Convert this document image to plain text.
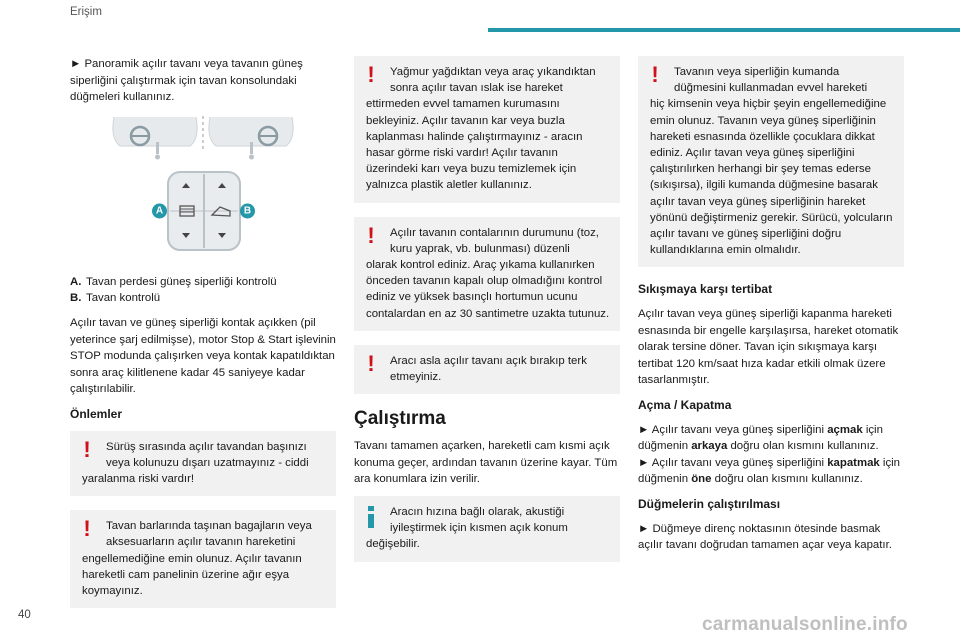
Erişim

► Panoramik açılır tavanı veya tavanın güneş siperliğini çalıştırmak için tavan konsolundaki düğmeleri kullanınız.

A	B

A. Tavan perdesi güneş siperliği kontrolü

B. Tavan kontrolü

Açılır tavan ve güneş siperliği kontak açıkken (pil yeterince şarj edilmişse), motor Stop & Start işlevinin STOP modunda çalışırken veya kontak kapatıldıktan sonra araç kilitlenene kadar 45 saniyeye kadar çalıştırılabilir.

Önlemler
!	Sürüş sırasında açılır tavandan başınızı veya kolunuzu dışarı uzatmayınız - ciddi
yaralanma riski vardır!
!	Tavan barlarında taşınan bagajların veya aksesuarların açılır tavanın hareketini
engellemediğine emin olunuz. Açılır tavanın hareketli cam panelinin üzerine ağır eşya koymayınız.
!	Yağmur yağdıktan veya araç yıkandıktan sonra açılır tavan ıslak ise hareket
ettirmeden evvel tamamen kurumasını bekleyiniz. Açılır tavanın kar veya buzla kaplanması halinde çalıştırmayınız - aracın hasar görme riski vardır! Açılır tavanın üzerindeki karı veya buzu temizlemek için yalnızca plastik aletler kullanınız.
!	Açılır tavanın contalarının durumunu (toz, kuru yaprak, vb. bulunması) düzenli
olarak kontrol ediniz. Araç yıkama kullanırken önceden tavanın kapalı olup olmadığını kontrol ediniz ve yüksek basınçlı hortumun ucunu contalardan en az 30 santimetre uzakta tutunuz.
!	Aracı asla açılır tavanı açık bırakıp terk etmeyiniz.
Çalıştırma

Tavanı tamamen açarken, hareketli cam kısmi açık konuma geçer, ardından tavanın üzerine kayar. Tüm ara konumlara izin verilir.

Aracın hızına bağlı olarak, akustiği iyileştirmek için kısmen açık konum
değişebilir.
!	Tavanın veya siperliğin kumanda düğmesini kullanmadan evvel hareketi
hiç kimsenin veya hiçbir şeyin engellemediğine emin olunuz. Tavanın veya güneş siperliğinin hareketi esnasında özellikle çocuklara dikkat ediniz. Açılır tavan veya güneş siperliğini çalıştırılırken herhangi bir şey temas ederse (sıkışırsa), ilgili kumanda düğmesine basarak açılır tavan veya güneş siperliğinin hareket yönünü değiştirmeniz gerekir. Sürücü, yolcuların açılır tavanı ve güneş siperliğini doğru kullandıklarına emin olmalıdır.
Sıkışmaya karşı tertibat

Açılır tavan veya güneş siperliği kapanma hareketi esnasında bir engelle karşılaşırsa, hareket otomatik olarak tersine döner. Tavan için sıkışmaya karşı tertibat 120 km/saat hıza kadar etkili olmak üzere tasarlanmıştır.

Açma / Kapatma

► Açılır tavanı veya güneş siperliğini açmak için düğmenin arkaya doğru olan kısmını kullanınız.

► Açılır tavanı veya güneş siperliğini kapatmak için düğmenin öne doğru olan kısmını kullanınız.

Düğmelerin çalıştırılması

► Düğmeye direnç noktasının ötesinde basmak açılır tavanı doğrudan tamamen açar veya kapatır.

40	carmanualsonline.info
